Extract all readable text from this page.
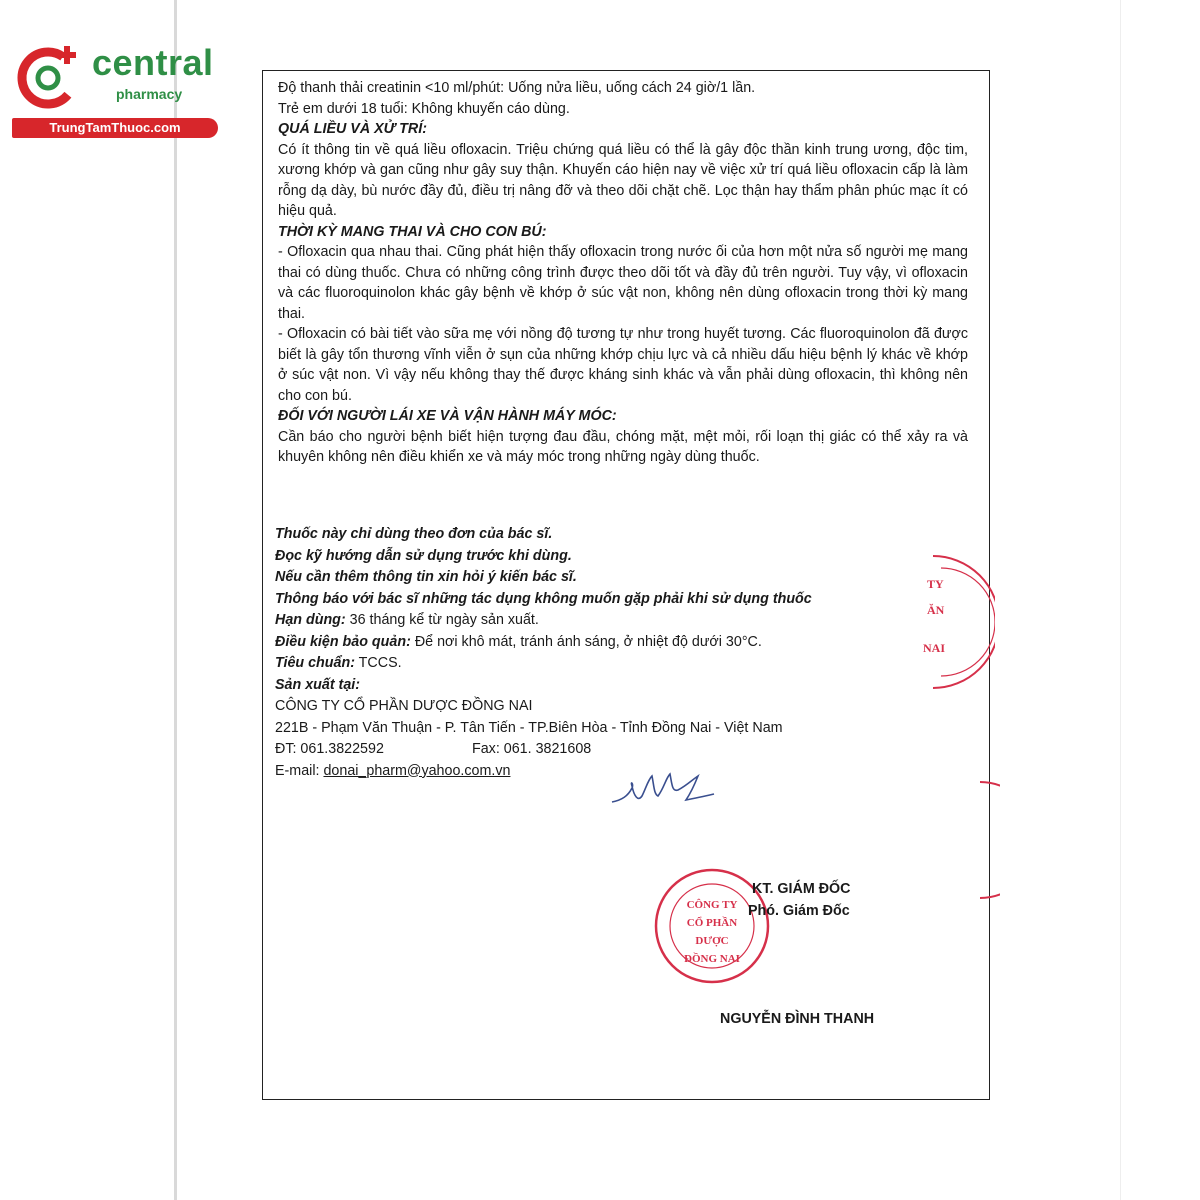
central
pharmacy
TrungTamThuoc.com

Độ thanh thải creatinin <10 ml/phút: Uống nửa liều, uống cách 24 giờ/1 lần.

Trẻ em dưới 18 tuổi: Không khuyến cáo dùng.

QUÁ LIỀU VÀ XỬ TRÍ:

Có ít thông tin về quá liều ofloxacin. Triệu chứng quá liều có thể là gây độc thần kinh trung ương, độc tim, xương khớp và gan cũng như gây suy thận. Khuyến cáo hiện nay về việc xử trí quá liều ofloxacin cấp là làm rỗng dạ dày, bù nước đầy đủ, điều trị nâng đỡ và theo dõi chặt chẽ. Lọc thận hay thẩm phân phúc mạc ít có hiệu quả.

THỜI KỲ MANG THAI VÀ CHO CON BÚ:

- Ofloxacin qua nhau thai. Cũng phát hiện thấy ofloxacin trong nước ối của hơn một nửa số người mẹ mang thai có dùng thuốc. Chưa có những công trình được theo dõi tốt và đầy đủ trên người. Tuy vậy, vì ofloxacin và các fluoroquinolon khác gây bệnh về khớp ở súc vật non, không nên dùng ofloxacin trong thời kỳ mang thai.

- Ofloxacin có bài tiết vào sữa mẹ với nồng độ tương tự như trong huyết tương. Các fluoroquinolon đã được biết là gây tổn thương vĩnh viễn ở sụn của những khớp chịu lực và cả nhiều dấu hiệu bệnh lý khác về khớp ở súc vật non. Vì vậy nếu không thay thế được kháng sinh khác và vẫn phải dùng ofloxacin, thì không nên cho con bú.

ĐỐI VỚI NGƯỜI LÁI XE VÀ VẬN HÀNH MÁY MÓC:

Cần báo cho người bệnh biết hiện tượng đau đầu, chóng mặt, mệt mỏi, rối loạn thị giác có thể xảy ra và khuyên không nên điều khiển xe và máy móc trong những ngày dùng thuốc.

Thuốc này chỉ dùng theo đơn của bác sĩ.

Đọc kỹ hướng dẫn sử dụng trước khi dùng.

Nếu cần thêm thông tin xin hỏi ý kiến bác sĩ.

Thông báo với bác sĩ những tác dụng không muốn gặp phải khi sử dụng thuốc

Hạn dùng: 36 tháng kể từ ngày sản xuất.

Điều kiện bảo quản: Để nơi khô mát, tránh ánh sáng, ở nhiệt độ dưới 30°C.

Tiêu chuẩn: TCCS.

Sản xuất tại:

CÔNG TY CỔ PHẦN DƯỢC ĐỒNG NAI

221B - Phạm Văn Thuận - P. Tân Tiến - TP.Biên Hòa - Tỉnh Đồng Nai - Việt Nam

ĐT: 061.3822592	Fax: 061. 3821608

E-mail: donai_pharm@yahoo.com.vn

TY
ĂN
NAI
CÔNG TY
CỔ PHẦN
DƯỢC
ĐỒNG NAI
KT. GIÁM ĐỐC
Phó. Giám Đốc
NGUYỄN ĐÌNH THANH
